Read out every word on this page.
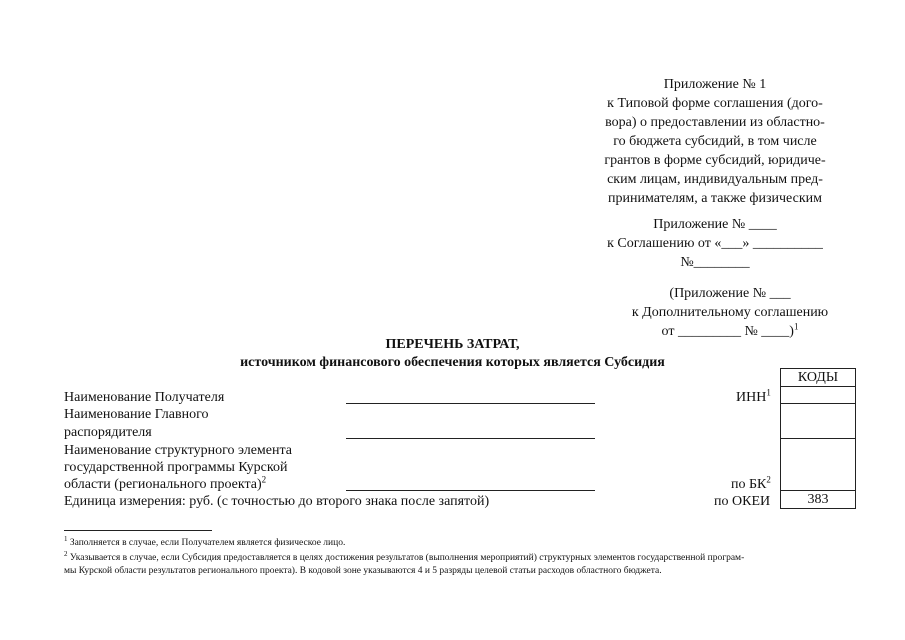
Приложение № 1
к Типовой форме соглашения (дого-
вора) о предоставлении из областно-
го бюджета субсидий, в том числе
грантов в форме субсидий, юридиче-
ским лицам, индивидуальным пред-
принимателям, а также физическим
Приложение № ____
к Соглашению от «___» __________
№________
(Приложение № ___
к Дополнительному соглашению
от _________ № ____)$^1$
ПЕРЕЧЕНЬ ЗАТРАТ,
источником финансового обеспечения которых является Субсидия
Наименование Получателя
Наименование Главного
распорядителя
Наименование структурного элемента
государственной программы Курской
области (регионального проекта)$^2$
Единица измерения: руб. (с точностью до второго знака после запятой)
ИНН$^1$
по $БК^2$
по ОКЕИ
КОДЫ
383
$^1$ Заполняется в случае, если Получателем является физическое лицо.
$^2$ Указывается в случае, если Субсидия предоставляется в целях достижения результатов (выполнения мероприятий) структурных элементов государственной програм-
мы Курской области результатов регионального проекта). В кодовой зоне указываются 4 и 5 разряды целевой статьи расходов областного бюджета.
